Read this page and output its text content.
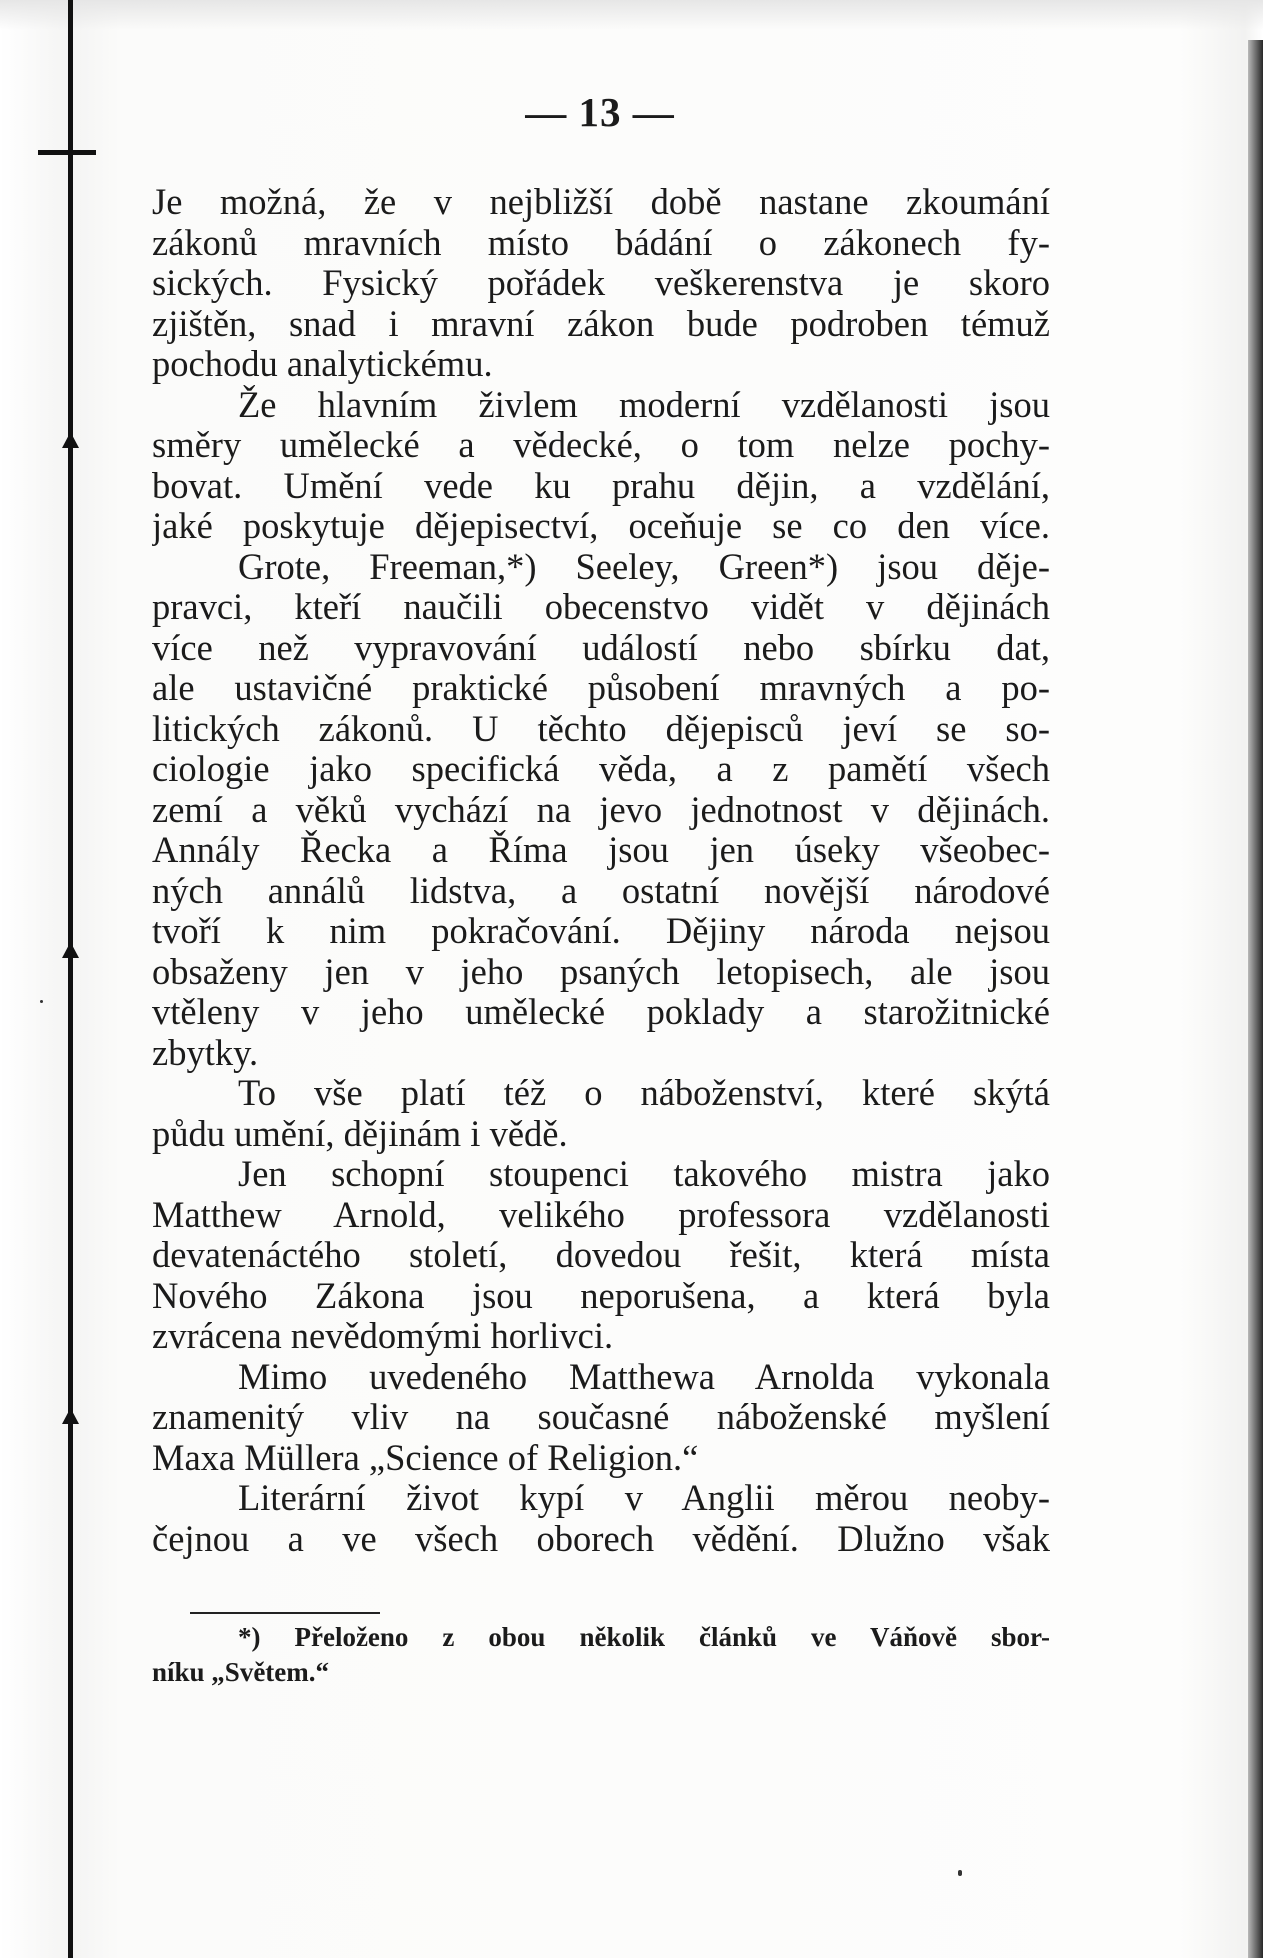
— 13 —
Je možná, že v nejbližší době nastane zkoumání
zákonů mravních místo bádání o zákonech fy-
sických. Fysický pořádek veškerenstva je skoro
zjištěn, snad i mravní zákon bude podroben témuž
pochodu analytickému.
Že hlavním živlem moderní vzdělanosti jsou
směry umělecké a vědecké, o tom nelze pochy-
bovat. Umění vede ku prahu dějin, a vzdělání,
jaké poskytuje dějepisectví, oceňuje se co den více.
Grote, Freeman,*) Seeley, Green*) jsou děje-
pravci, kteří naučili obecenstvo vidět v dějinách
více než vypravování událostí nebo sbírku dat,
ale ustavičné praktické působení mravných a po-
litických zákonů. U těchto dějepisců jeví se so-
ciologie jako specifická věda, a z pamětí všech
zemí a věků vychází na jevo jednotnost v dějinách.
Annály Řecka a Říma jsou jen úseky všeobec-
ných annálů lidstva, a ostatní novější národové
tvoří k nim pokračování. Dějiny národa nejsou
obsaženy jen v jeho psaných letopisech, ale jsou
vtěleny v jeho umělecké poklady a starožitnické
zbytky.
To vše platí též o náboženství, které skýtá
půdu umění, dějinám i vědě.
Jen schopní stoupenci takového mistra jako
Matthew Arnold, velikého professora vzdělanosti
devatenáctého století, dovedou řešit, která místa
Nového Zákona jsou neporušena, a která byla
zvrácena nevědomými horlivci.
Mimo uvedeného Matthewa Arnolda vykonala
znamenitý vliv na současné náboženské myšlení
Maxa Müllera „Science of Religion.“
Literární život kypí v Anglii měrou neoby-
čejnou a ve všech oborech vědění. Dlužno však
*) Přeloženo z obou několik článků ve Váňově sbor-
níku „Světem.“
